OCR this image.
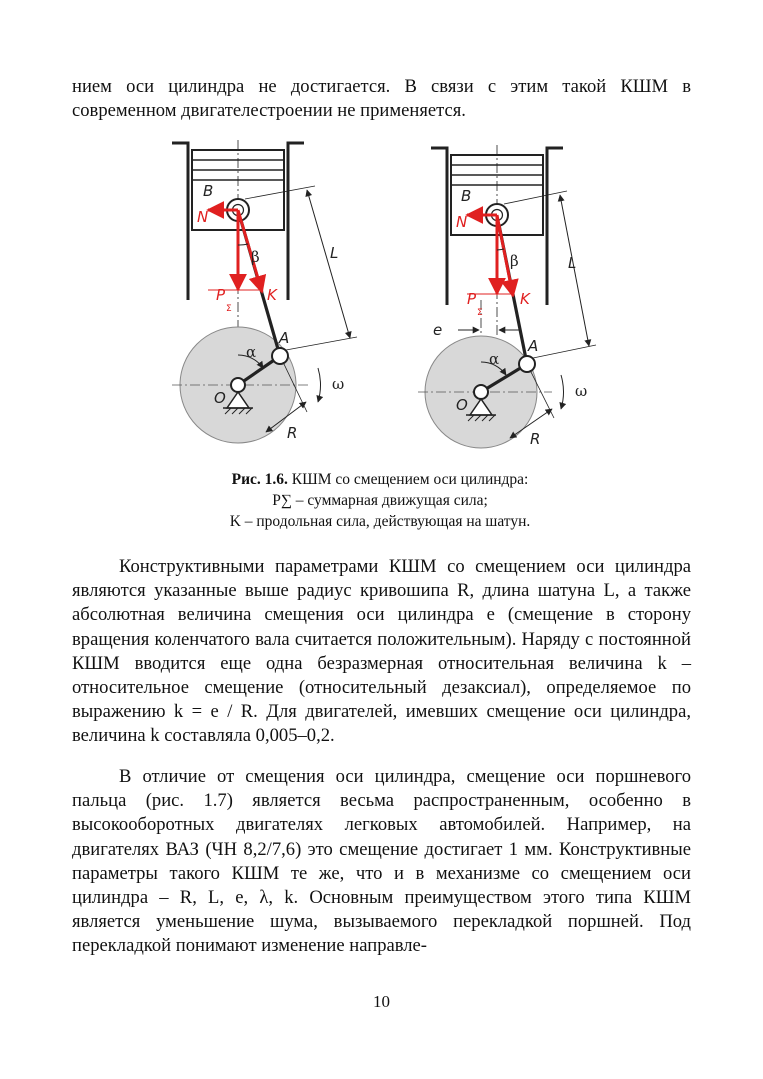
нием оси цилиндра не достигается. В связи с этим такой КШМ в современном двигателестроении не применяется.

B
N
β	L
P
Σ
K
A
α
ω
O
R
B
N
β	L
P
Σ
K
e
A
α
ω
O
R
Рис. 1.6. КШМ со смещением оси цилиндра:
P∑ – суммарная движущая сила;
K – продольная сила, действующая на шатун.

Конструктивными параметрами КШМ со смещением оси цилиндра являются указанные выше радиус кривошипа R, длина шатуна L, а также абсолютная величина смещения оси цилиндра e (смещение в сторону вращения коленчатого вала считается положительным). Наряду с постоянной КШМ вводится еще одна безразмерная относительная величина k – относительное смещение (относительный дезаксиал), определяемое по выражению k = e / R. Для двигателей, имевших смещение оси цилиндра, величина k составляла 0,005–0,2.

В отличие от смещения оси цилиндра, смещение оси поршневого пальца (рис. 1.7) является весьма распространенным, особенно в высокооборотных двигателях легковых автомобилей. Например, на двигателях ВАЗ (ЧН 8,2/7,6) это смещение достигает 1 мм. Конструктивные параметры такого КШМ те же, что и в механизме со смещением оси цилиндра – R, L, e, λ, k. Основным преимуществом этого типа КШМ является уменьшение шума, вызываемого перекладкой поршней. Под перекладкой понимают изменение направле-

10
